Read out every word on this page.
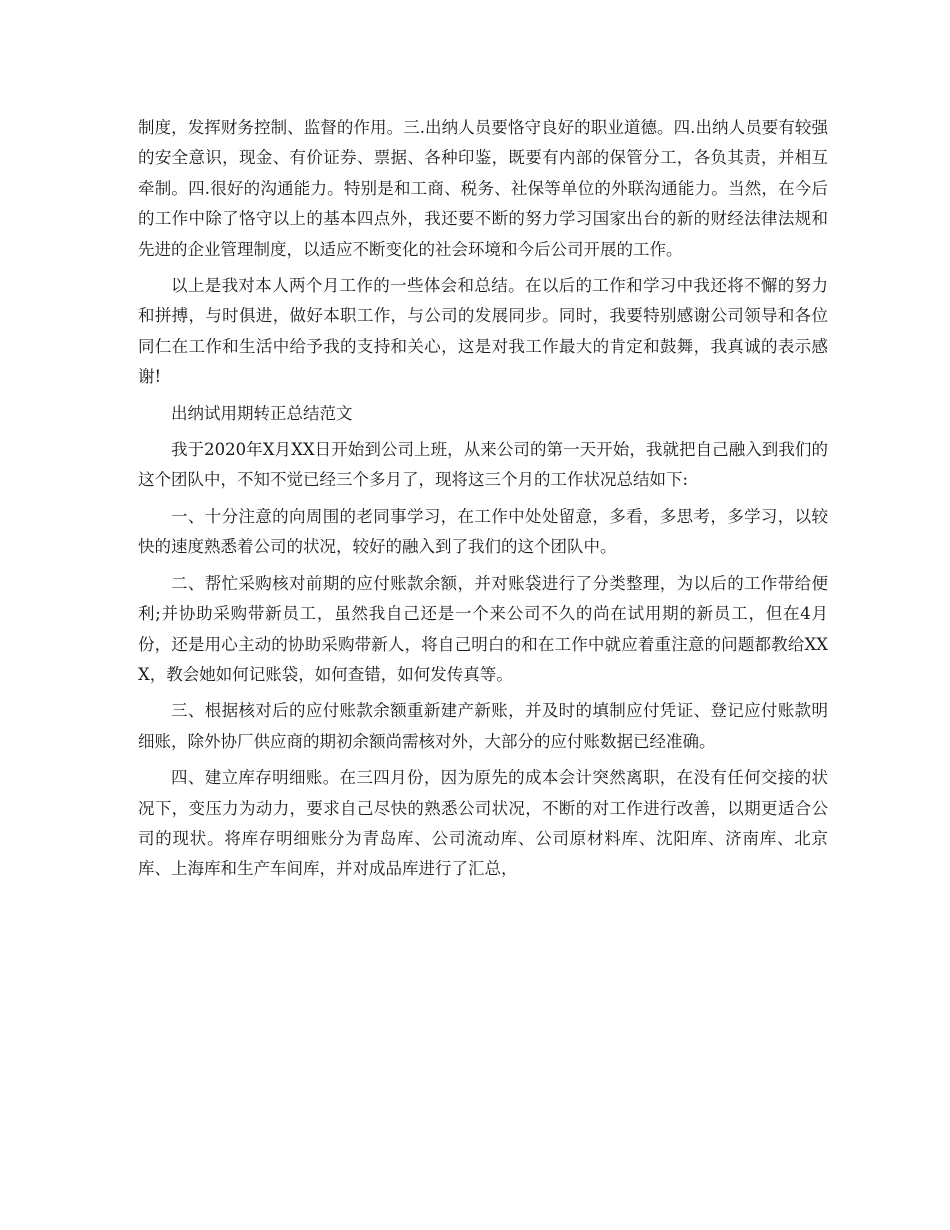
制度，发挥财务控制、监督的作用。三.出纳人员要恪守良好的职业道德。四.出纳人员要有较强的安全意识，现金、有价证券、票据、各种印鉴，既要有内部的保管分工，各负其责，并相互牵制。四.很好的沟通能力。特别是和工商、税务、社保等单位的外联沟通能力。当然，在今后的工作中除了恪守以上的基本四点外，我还要不断的努力学习国家出台的新的财经法律法规和先进的企业管理制度，以适应不断变化的社会环境和今后公司开展的工作。

以上是我对本人两个月工作的一些体会和总结。在以后的工作和学习中我还将不懈的努力和拼搏，与时俱进，做好本职工作，与公司的发展同步。同时，我要特别感谢公司领导和各位同仁在工作和生活中给予我的支持和关心，这是对我工作最大的肯定和鼓舞，我真诚的表示感谢!

出纳试用期转正总结范文

我于2020年X月XX日开始到公司上班，从来公司的第一天开始，我就把自己融入到我们的这个团队中，不知不觉已经三个多月了，现将这三个月的工作状况总结如下:

一、十分注意的向周围的老同事学习，在工作中处处留意，多看，多思考，多学习，以较快的速度熟悉着公司的状况，较好的融入到了我们的这个团队中。

二、帮忙采购核对前期的应付账款余额，并对账袋进行了分类整理，为以后的工作带给便利;并协助采购带新员工，虽然我自己还是一个来公司不久的尚在试用期的新员工，但在4月份，还是用心主动的协助采购带新人，将自己明白的和在工作中就应着重注意的问题都教给XXX，教会她如何记账袋，如何查错，如何发传真等。

三、根据核对后的应付账款余额重新建产新账，并及时的填制应付凭证、登记应付账款明细账，除外协厂供应商的期初余额尚需核对外，大部分的应付账数据已经准确。

四、建立库存明细账。在三四月份，因为原先的成本会计突然离职，在没有任何交接的状况下，变压力为动力，要求自己尽快的熟悉公司状况，不断的对工作进行改善，以期更适合公司的现状。将库存明细账分为青岛库、公司流动库、公司原材料库、沈阳库、济南库、北京库、上海库和生产车间库，并对成品库进行了汇总，
